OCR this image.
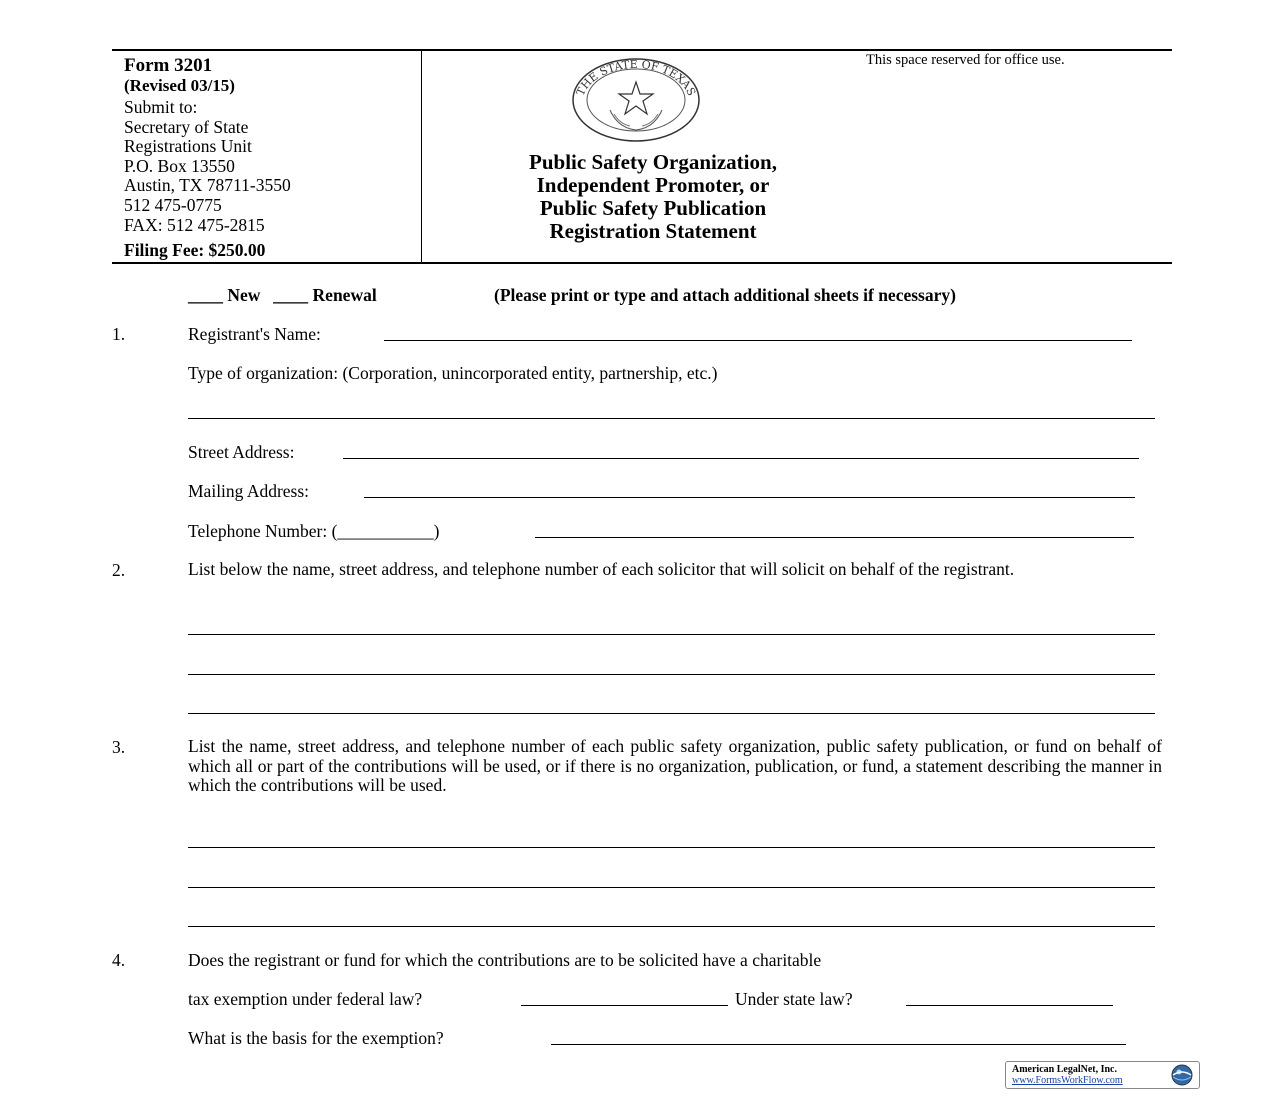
Form 3201
(Revised 03/15)
Submit to:
Secretary of State
Registrations Unit
P.O. Box 13550
Austin, TX 78711-3550
512 475-0775
FAX: 512 475-2815
Filing Fee: $250.00
This space reserved for office use.
THE STATE OF TEXAS
Public Safety Organization,
Independent Promoter, or
Public Safety Publication
Registration Statement
____ New ____ Renewal	(Please print or type and attach additional sheets if necessary)
1.	Registrant's Name:
Type of organization: (Corporation, unincorporated entity, partnership, etc.)
Street Address:
Mailing Address:
Telephone Number: (___________)
2.	List below the name, street address, and telephone number of each solicitor that will solicit on behalf of the registrant.
3.	List the name, street address, and telephone number of each public safety organization, public safety publication, or fund on behalf of which all or part of the contributions will be used, or if there is no organization, publication, or fund, a statement describing the manner in which the contributions will be used.
4.	Does the registrant or fund for which the contributions are to be solicited have a charitable
tax exemption under federal law?	Under state law?
What is the basis for the exemption?
American LegalNet, Inc.
www.FormsWorkFlow.com
